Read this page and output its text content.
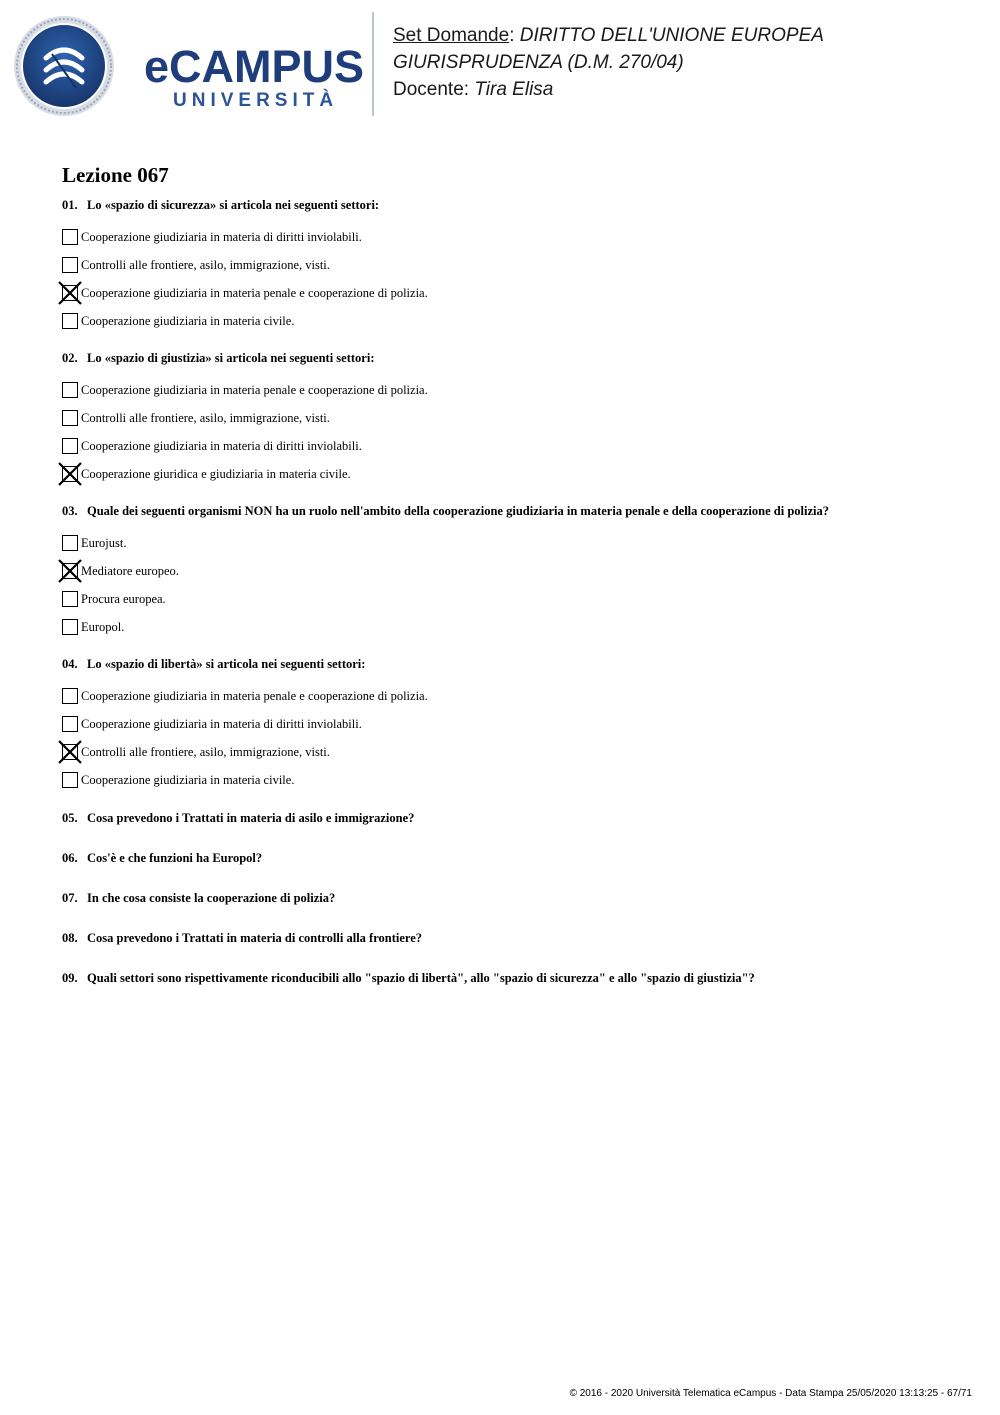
eCAMPUS
UNIVERSITÀ
Set Domande: DIRITTO DELL'UNIONE EUROPEA
GIURISPRUDENZA (D.M. 270/04)
Docente: Tira Elisa
Lezione 067

01. Lo «spazio di sicurezza» si articola nei seguenti settori:

Cooperazione giudiziaria in materia di diritti inviolabili.
Controlli alle frontiere, asilo, immigrazione, visti.
Cooperazione giudiziaria in materia penale e cooperazione di polizia.
Cooperazione giudiziaria in materia civile.

02. Lo «spazio di giustizia» si articola nei seguenti settori:

Cooperazione giudiziaria in materia penale e cooperazione di polizia.
Controlli alle frontiere, asilo, immigrazione, visti.
Cooperazione giudiziaria in materia di diritti inviolabili.
Cooperazione giuridica e giudiziaria in materia civile.

03. Quale dei seguenti organismi NON ha un ruolo nell'ambito della cooperazione giudiziaria in materia penale e della cooperazione di polizia?

Eurojust.
Mediatore europeo.
Procura europea.
Europol.

04. Lo «spazio di libertà» si articola nei seguenti settori:

Cooperazione giudiziaria in materia penale e cooperazione di polizia.
Cooperazione giudiziaria in materia di diritti inviolabili.
Controlli alle frontiere, asilo, immigrazione, visti.
Cooperazione giudiziaria in materia civile.

05. Cosa prevedono i Trattati in materia di asilo e immigrazione?

06. Cos'è e che funzioni ha Europol?

07. In che cosa consiste la cooperazione di polizia?

08. Cosa prevedono i Trattati in materia di controlli alla frontiere?

09. Quali settori sono rispettivamente riconducibili allo "spazio di libertà", allo "spazio di sicurezza" e allo "spazio di giustizia"?

© 2016 - 2020 Università Telematica eCampus - Data Stampa 25/05/2020 13:13:25 - 67/71
